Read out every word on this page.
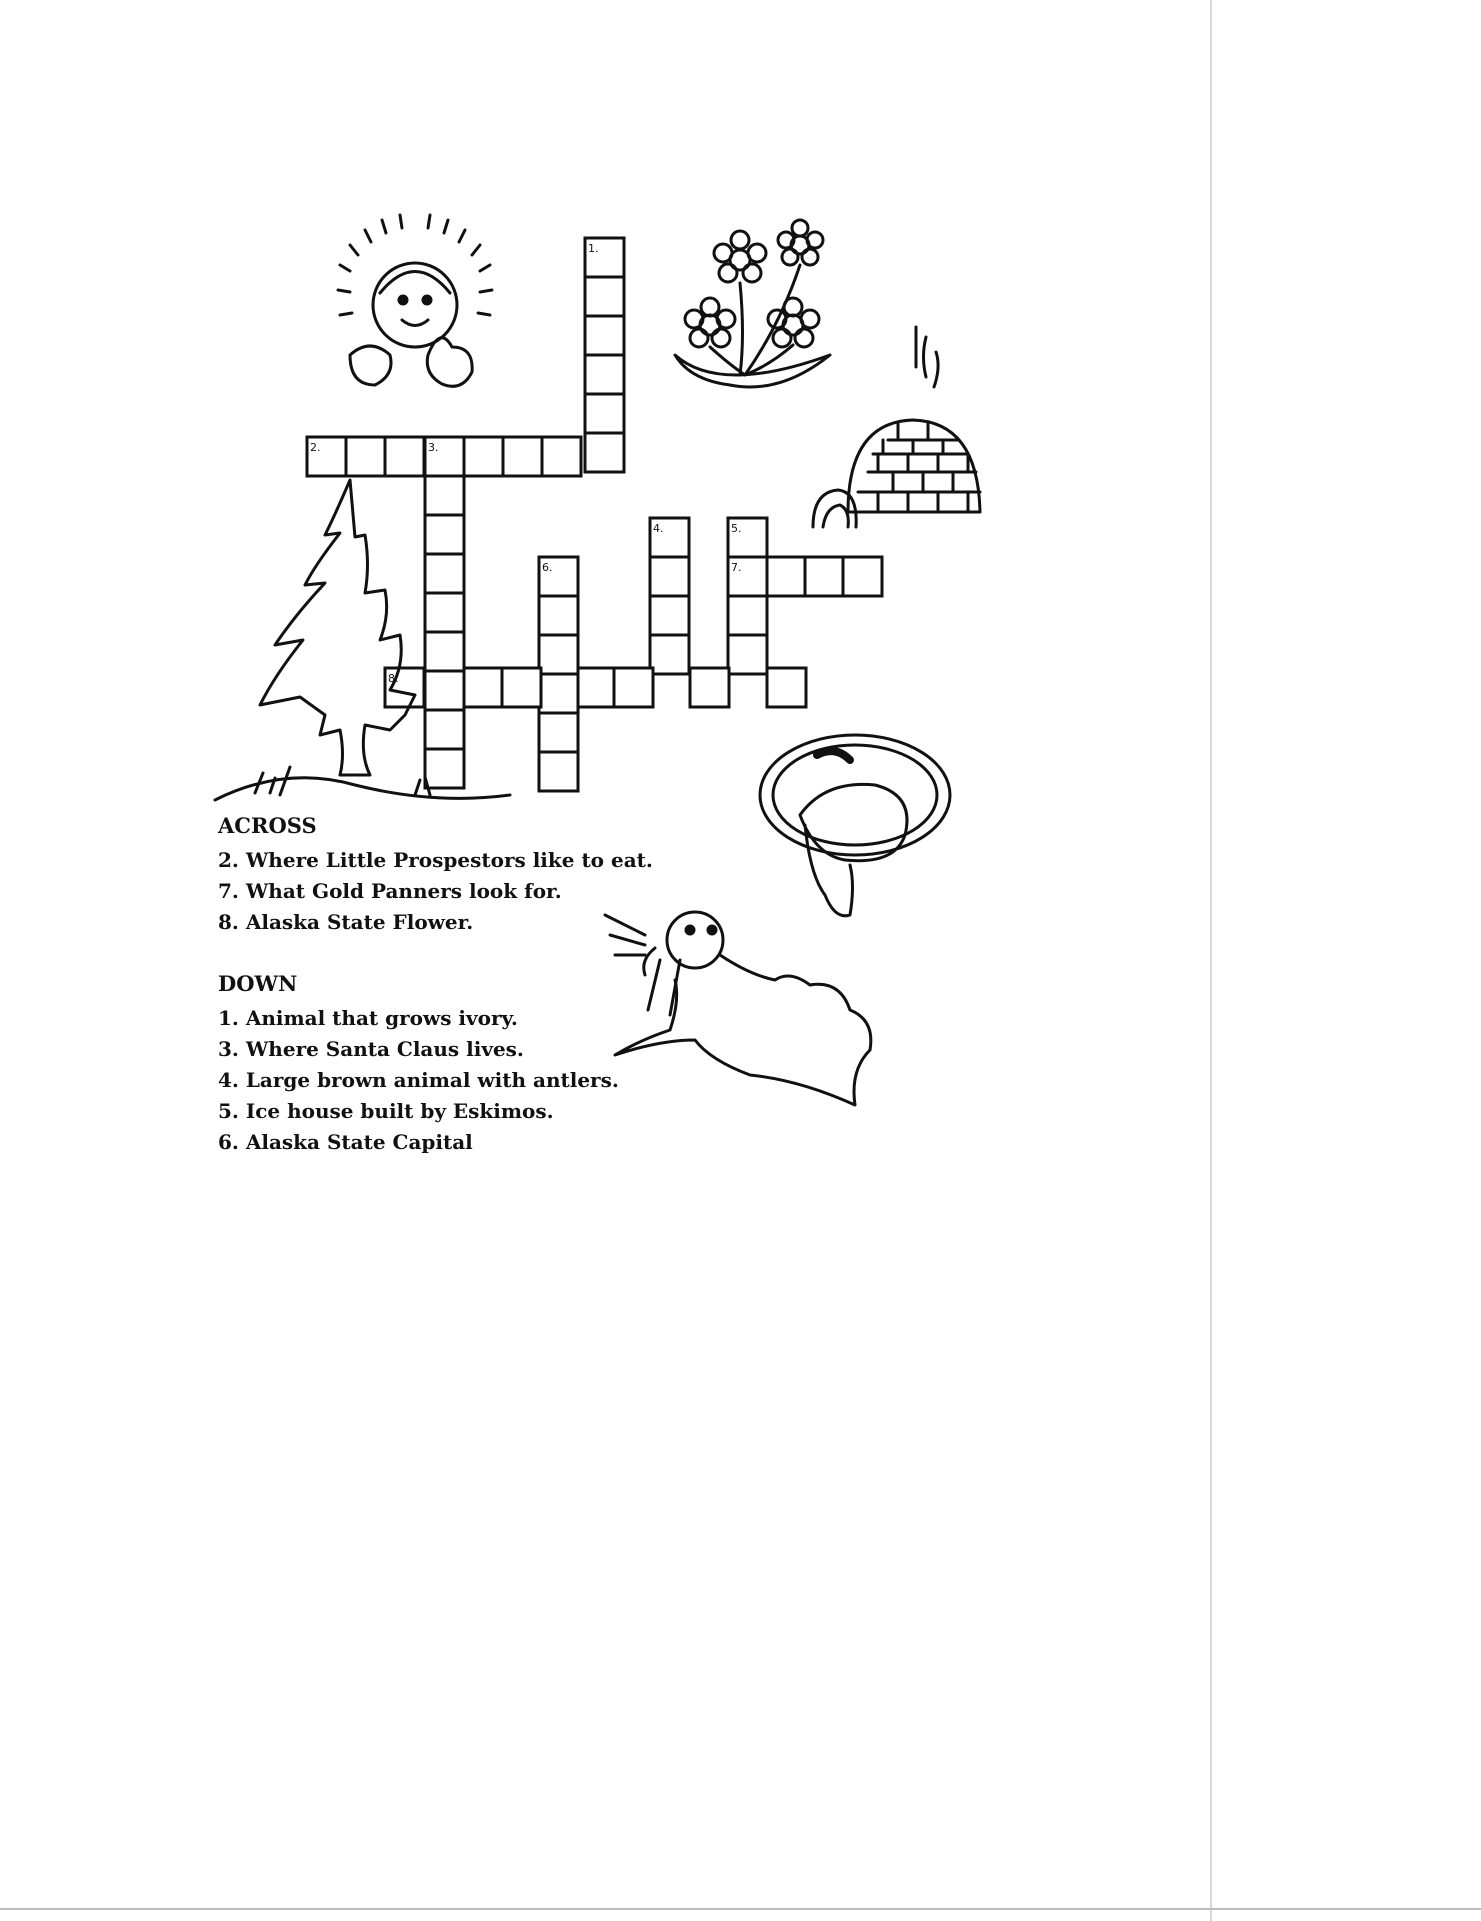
1.
2.	3.
4.	5.
6.	7.
8.
ACROSS
2. Where Little Prospestors like to eat.
7. What Gold Panners look for.
8. Alaska State Flower.
DOWN
1. Animal that grows ivory.
3. Where Santa Claus lives.
4. Large brown animal with antlers.
5. Ice house built by Eskimos.
6. Alaska State Capital
